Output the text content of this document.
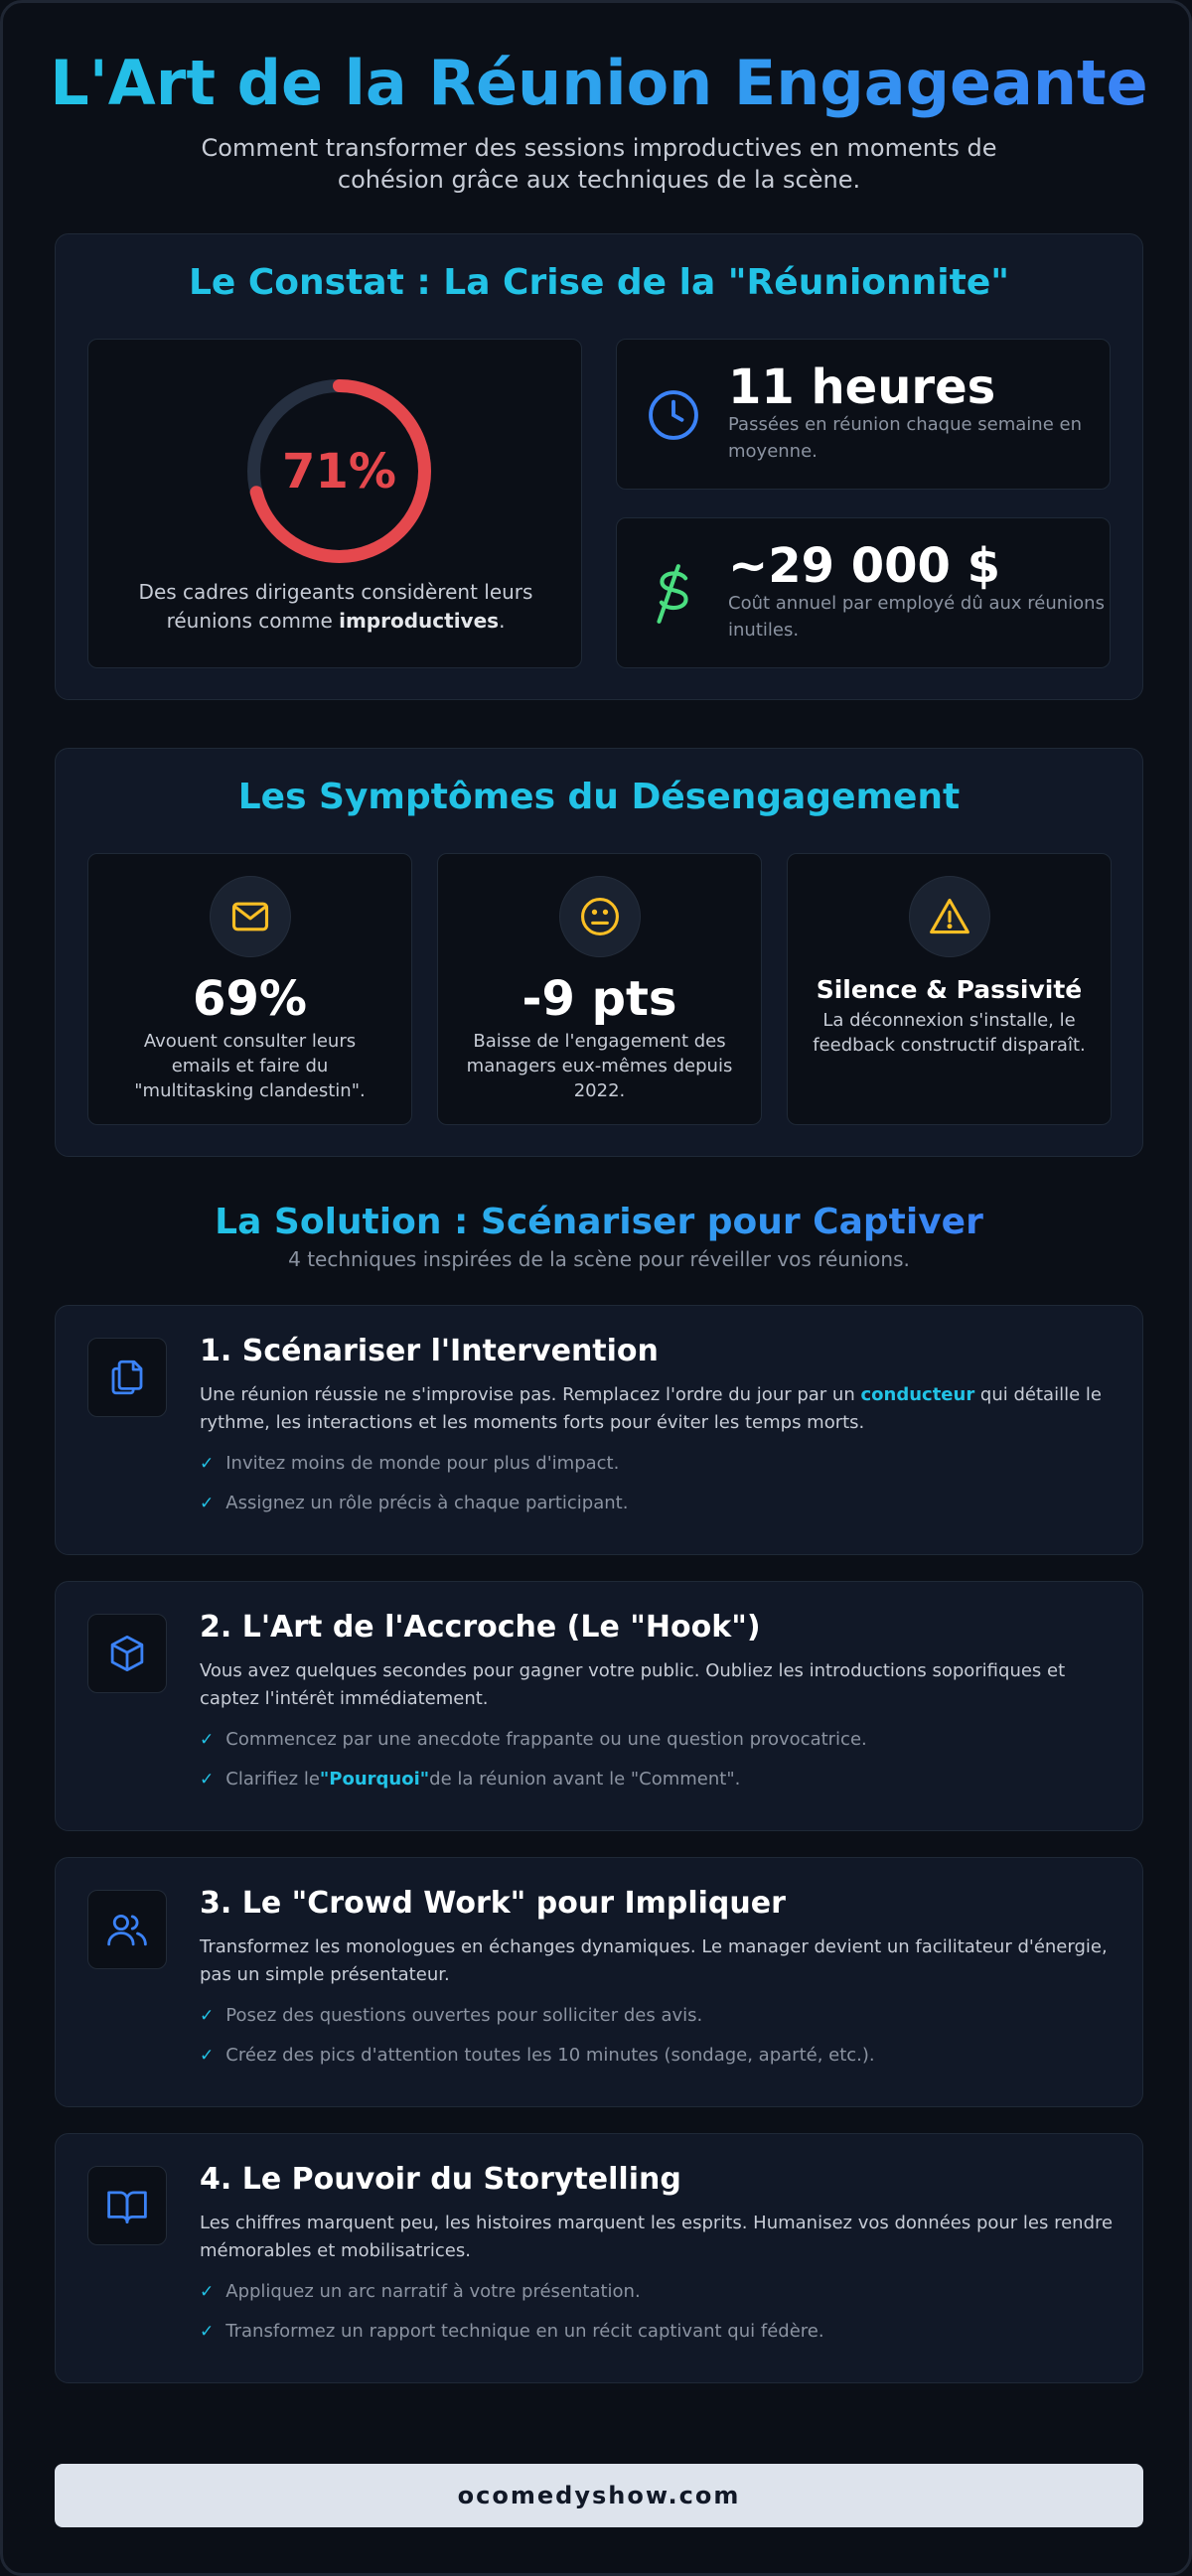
L'Art de la Réunion Engageante
Comment transformer des sessions improductives en moments de cohésion grâce aux techniques de la scène.
Le Constat : La Crise de la "Réunionnite"
71%
Des cadres dirigeants considèrent leurs réunions comme improductives.
11 heures
Passées en réunion chaque semaine en moyenne.
~29 000 $
Coût annuel par employé dû aux réunions inutiles.
Les Symptômes du Désengagement
69%
Avouent consulter leurs emails et faire du "multitasking clandestin".
-9 pts
Baisse de l'engagement des managers eux-mêmes depuis 2022.
Silence & Passivité
La déconnexion s'installe, le feedback constructif disparaît.
La Solution : Scénariser pour Captiver
4 techniques inspirées de la scène pour réveiller vos réunions.
1. Scénariser l'Intervention
Une réunion réussie ne s'improvise pas. Remplacez l'ordre du jour par un conducteur qui détaille le rythme, les interactions et les moments forts pour éviter les temps morts.
✓ Invitez moins de monde pour plus d'impact.
✓ Assignez un rôle précis à chaque participant.
2. L'Art de l'Accroche (Le "Hook")
Vous avez quelques secondes pour gagner votre public. Oubliez les introductions soporifiques et captez l'intérêt immédiatement.
✓ Commencez par une anecdote frappante ou une question provocatrice.
✓ Clarifiez le"Pourquoi"de la réunion avant le "Comment".
3. Le "Crowd Work" pour Impliquer
Transformez les monologues en échanges dynamiques. Le manager devient un facilitateur d'énergie, pas un simple présentateur.
✓ Posez des questions ouvertes pour solliciter des avis.
✓ Créez des pics d'attention toutes les 10 minutes (sondage, aparté, etc.).
4. Le Pouvoir du Storytelling
Les chiffres marquent peu, les histoires marquent les esprits. Humanisez vos données pour les rendre mémorables et mobilisatrices.
✓ Appliquez un arc narratif à votre présentation.
✓ Transformez un rapport technique en un récit captivant qui fédère.
ocomedyshow.com
